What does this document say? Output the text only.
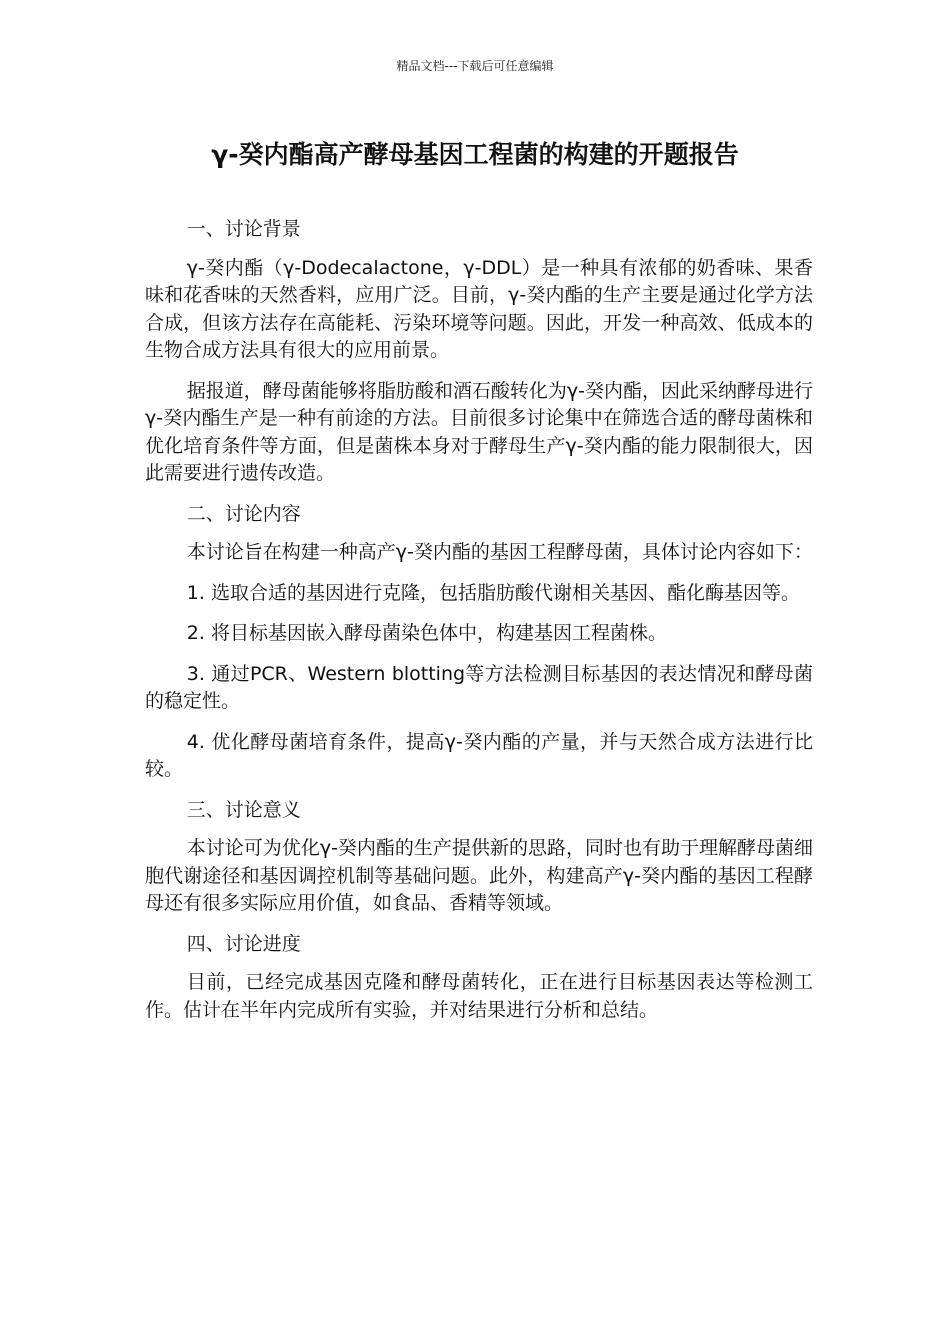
精品文档---下载后可任意编辑
γ-癸内酯高产酵母基因工程菌的构建的开题报告

一、讨论背景

γ-癸内酯（γ-Dodecalactone，γ-DDL）是一种具有浓郁的奶香味、果香味和花香味的天然香料，应用广泛。目前，γ-癸内酯的生产主要是通过化学方法合成，但该方法存在高能耗、污染环境等问题。因此，开发一种高效、低成本的生物合成方法具有很大的应用前景。

据报道，酵母菌能够将脂肪酸和酒石酸转化为γ-癸内酯，因此采纳酵母进行γ-癸内酯生产是一种有前途的方法。目前很多讨论集中在筛选合适的酵母菌株和优化培育条件等方面，但是菌株本身对于酵母生产γ-癸内酯的能力限制很大，因此需要进行遗传改造。

二、讨论内容

本讨论旨在构建一种高产γ-癸内酯的基因工程酵母菌，具体讨论内容如下：

1. 选取合适的基因进行克隆，包括脂肪酸代谢相关基因、酯化酶基因等。

2. 将目标基因嵌入酵母菌染色体中，构建基因工程菌株。

3. 通过PCR、Western blotting等方法检测目标基因的表达情况和酵母菌的稳定性。

4. 优化酵母菌培育条件，提高γ-癸内酯的产量，并与天然合成方法进行比较。

三、讨论意义

本讨论可为优化γ-癸内酯的生产提供新的思路，同时也有助于理解酵母菌细胞代谢途径和基因调控机制等基础问题。此外，构建高产γ-癸内酯的基因工程酵母还有很多实际应用价值，如食品、香精等领域。

四、讨论进度

目前，已经完成基因克隆和酵母菌转化，正在进行目标基因表达等检测工作。估计在半年内完成所有实验，并对结果进行分析和总结。
